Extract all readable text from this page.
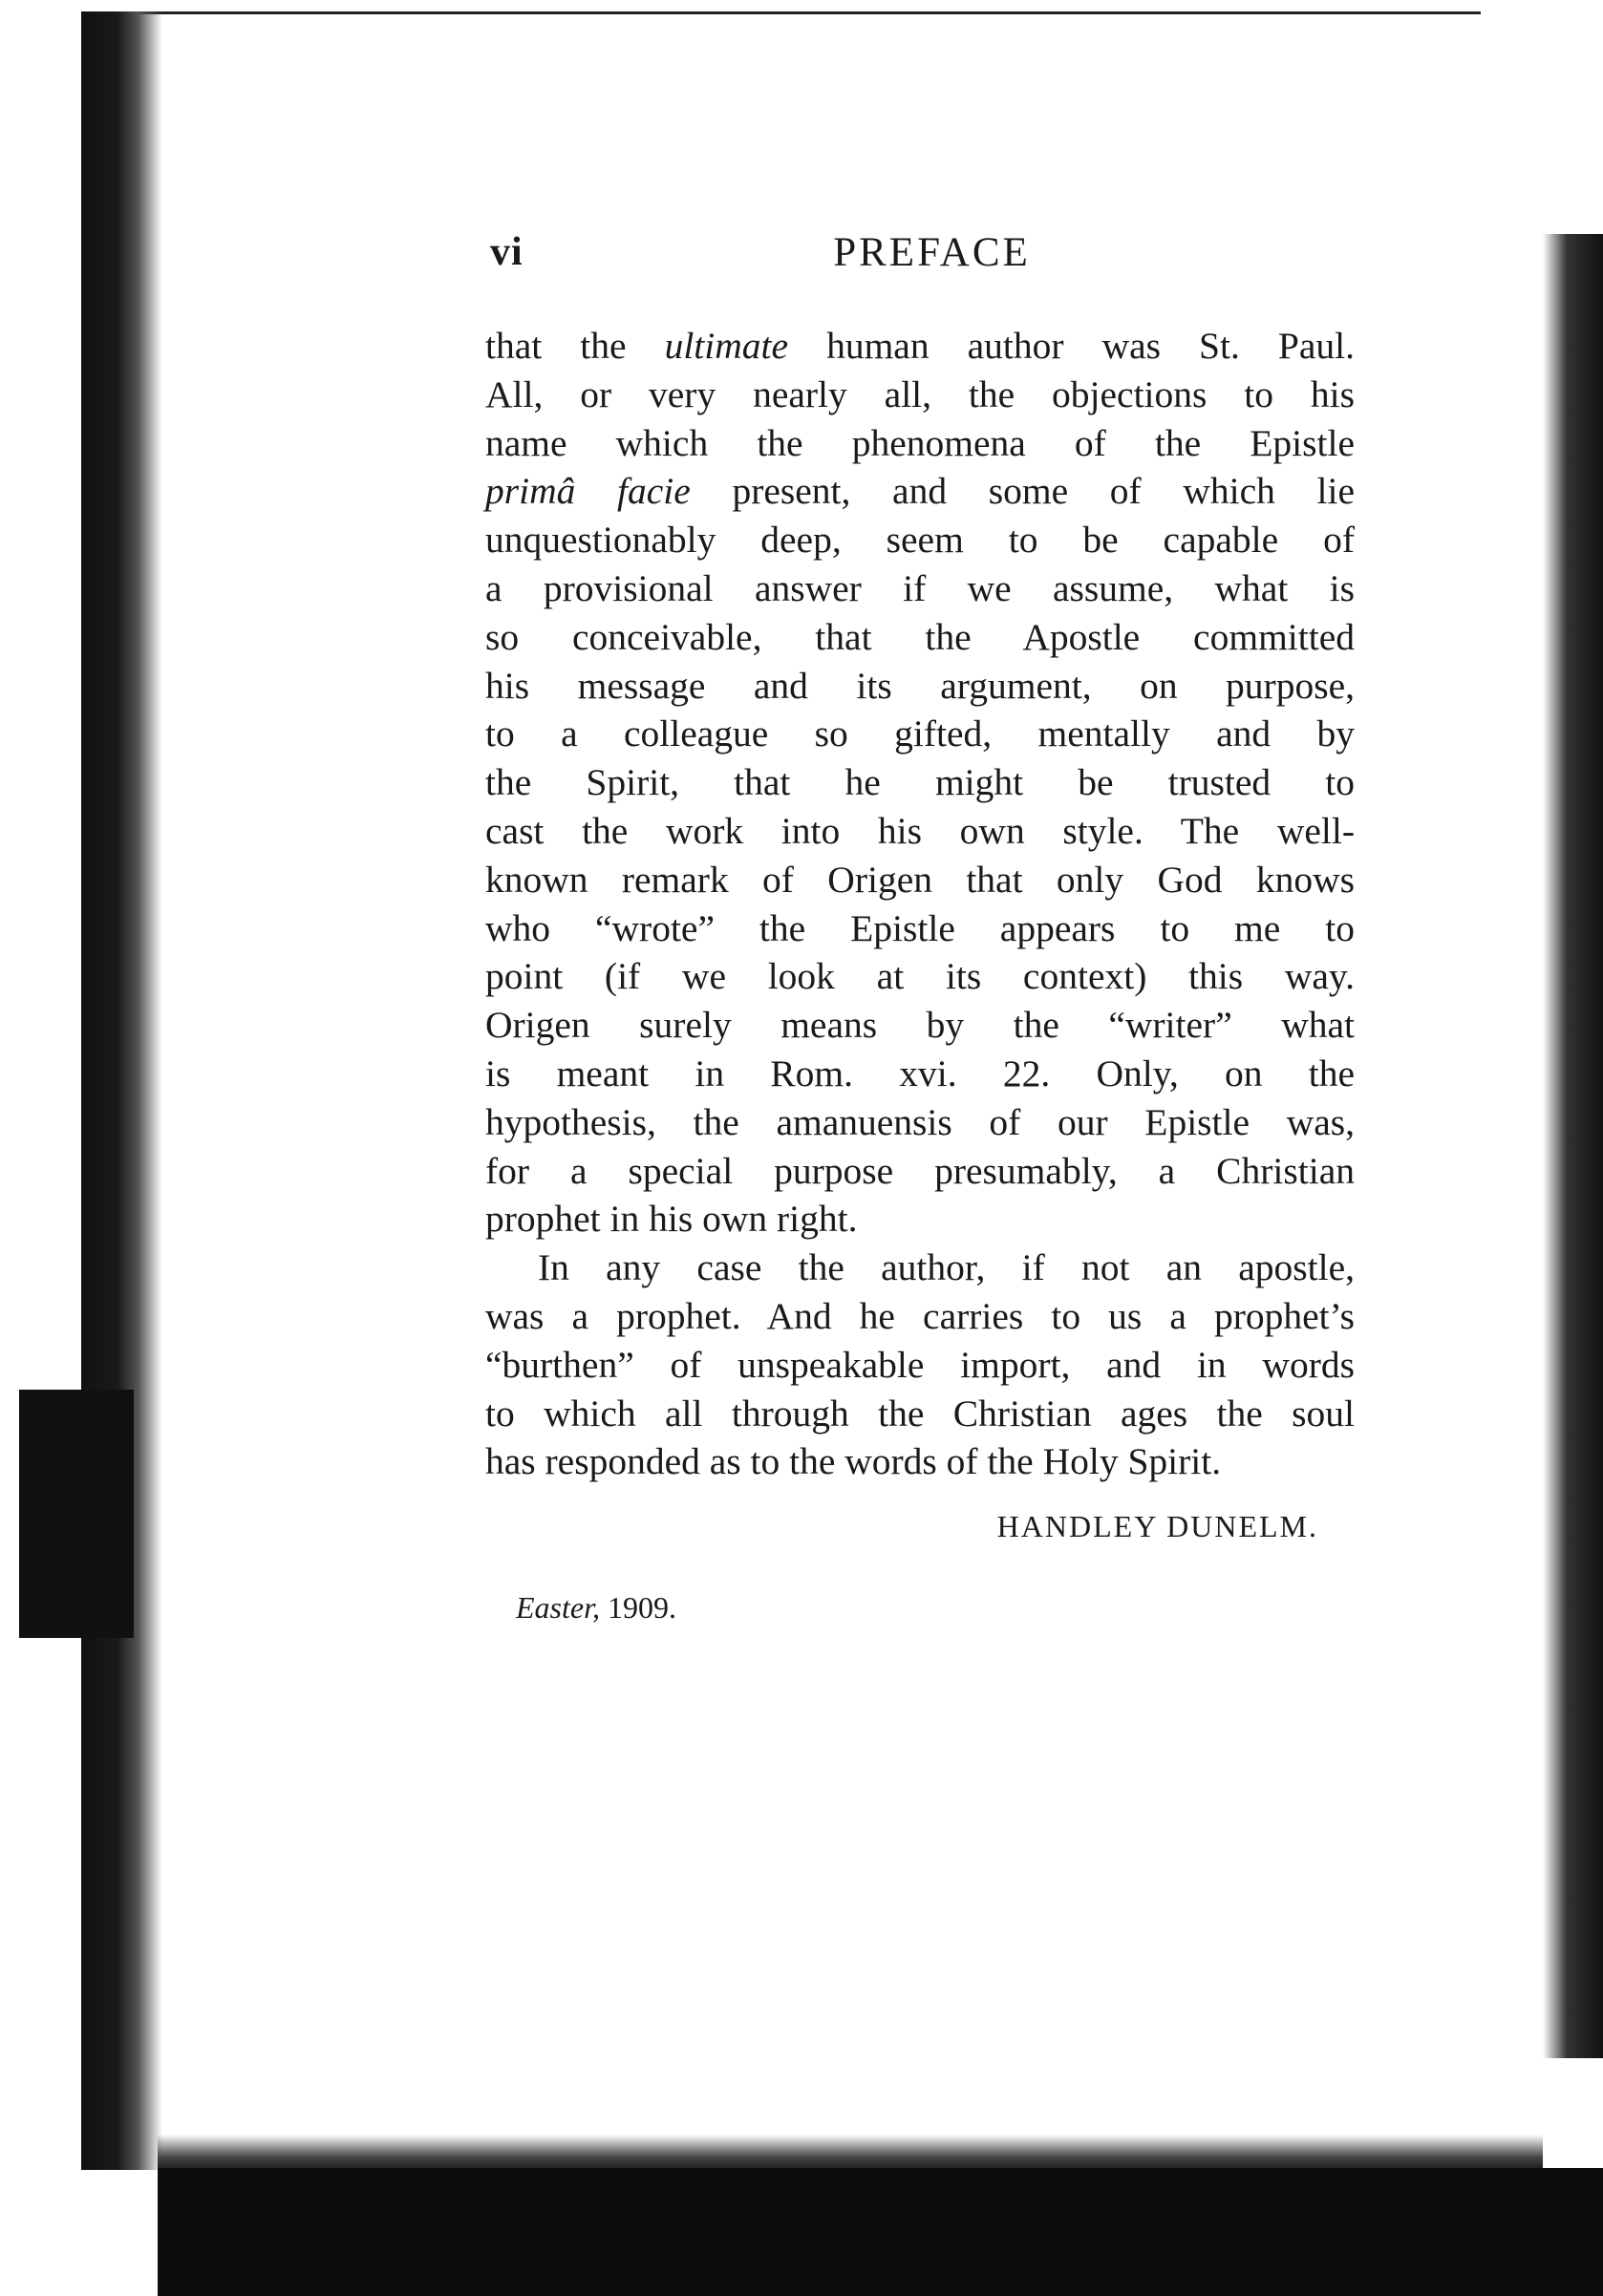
vi	PREFACE
that the ultimate human author was St. Paul.
All, or very nearly all, the objections to his
name which the phenomena of the Epistle
primâ facie present, and some of which lie
unquestionably deep, seem to be capable of
a provisional answer if we assume, what is
so conceivable, that the Apostle committed
his message and its argument, on purpose,
to a colleague so gifted, mentally and by
the Spirit, that he might be trusted to
cast the work into his own style. The well-
known remark of Origen that only God knows
who “wrote” the Epistle appears to me to
point (if we look at its context) this way.
Origen surely means by the “writer” what
is meant in Rom. xvi. 22. Only, on the
hypothesis, the amanuensis of our Epistle was,
for a special purpose presumably, a Christian
prophet in his own right.
In any case the author, if not an apostle,
was a prophet. And he carries to us a prophet’s
“burthen” of unspeakable import, and in words
to which all through the Christian ages the soul
has responded as to the words of the Holy Spirit.
HANDLEY DUNELM.
Easter, 1909.
